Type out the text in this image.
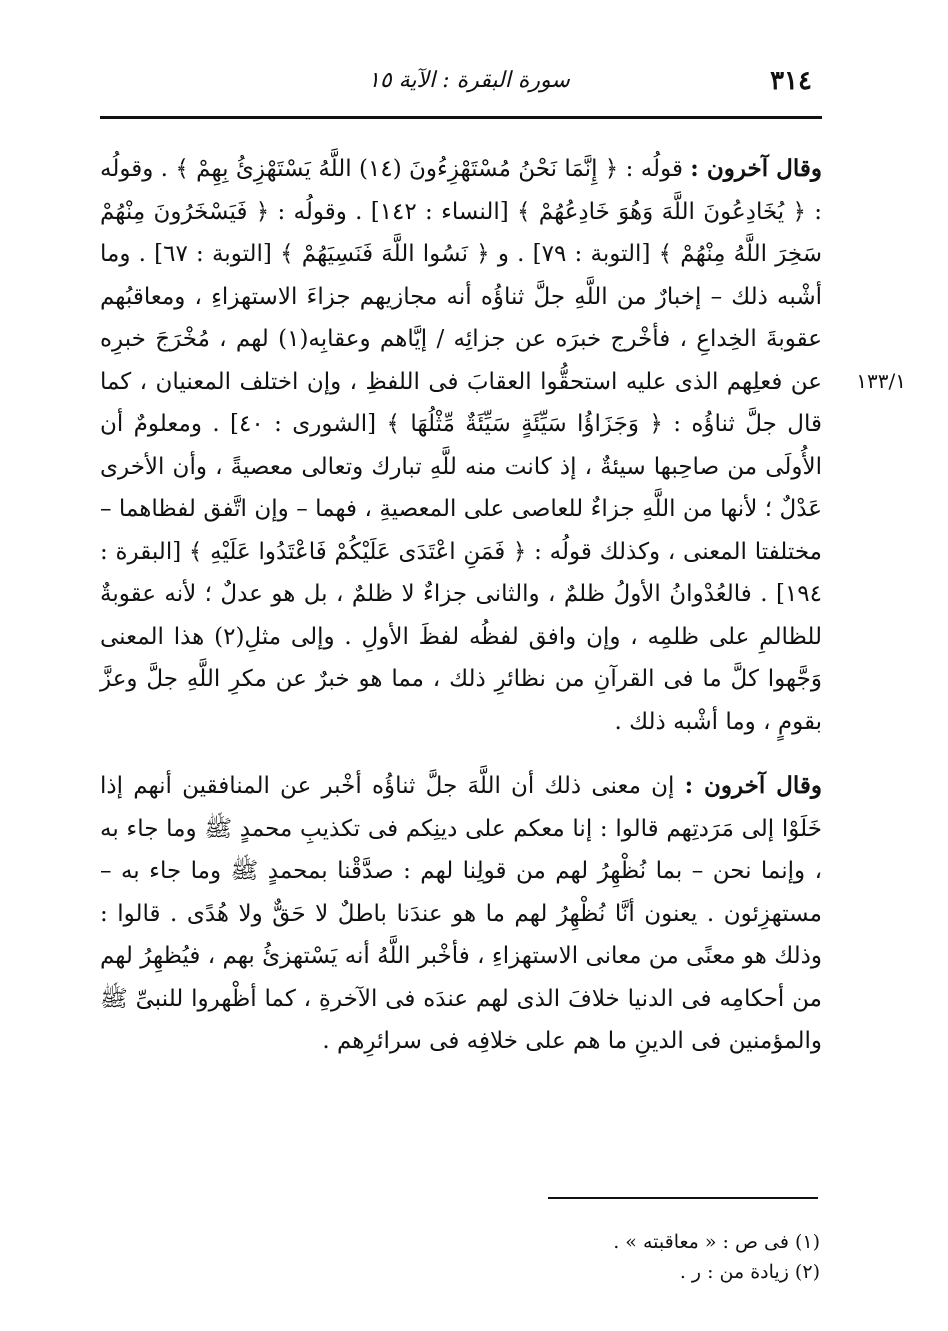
سورة البقرة : الآية ١٥	٣١٤
١٣٣/١

وقال آخرون : قولُه : ﴿ إِنَّمَا نَحْنُ مُسْتَهْزِءُونَ (١٤) اللَّهُ يَسْتَهْزِئُ بِهِمْ ﴾ . وقولُه : ﴿ يُخَادِعُونَ اللَّهَ وَهُوَ خَادِعُهُمْ ﴾ [النساء : ١٤٢] . وقولُه : ﴿ فَيَسْخَرُونَ مِنْهُمْ سَخِرَ اللَّهُ مِنْهُمْ ﴾ [التوبة : ٧٩] . و ﴿ نَسُوا اللَّهَ فَنَسِيَهُمْ ﴾ [التوبة : ٦٧] . وما أشْبه ذلك – إخبارٌ من اللَّهِ جلَّ ثناؤُه أنه مجازيهم جزاءَ الاستهزاءِ ، ومعاقبُهم عقوبةَ الخِداعِ ، فأخْرج خبرَه عن جزائِه / إيَّاهم وعقابِه(١) لهم ، مُخْرَجَ خبرِه عن فعلِهم الذى عليه استحقُّوا العقابَ فى اللفظِ ، وإن اختلف المعنيان ، كما قال جلَّ ثناؤُه : ﴿ وَجَزَاؤُا سَيِّئَةٍ سَيِّئَةٌ مِّثْلُهَا ﴾ [الشورى : ٤٠] . ومعلومٌ أن الأُولَى من صاحِبها سيئةٌ ، إذ كانت منه للَّهِ تبارك وتعالى معصيةً ، وأن الأخرى عَدْلٌ ؛ لأنها من اللَّهِ جزاءٌ للعاصى على المعصيةِ ، فهما – وإن اتَّفق لفظاهما – مختلفتا المعنى ، وكذلك قولُه : ﴿ فَمَنِ اعْتَدَى عَلَيْكُمْ فَاعْتَدُوا عَلَيْهِ ﴾ [البقرة : ١٩٤] . فالعُدْوانُ الأولُ ظلمٌ ، والثانى جزاءٌ لا ظلمٌ ، بل هو عدلٌ ؛ لأنه عقوبةٌ للظالمِ على ظلمِه ، وإن وافق لفظُه لفظَ الأولِ . وإلى مثلِ(٢) هذا المعنى وَجَّهوا كلَّ ما فى القرآنِ من نظائرِ ذلك ، مما هو خبرٌ عن مكرِ اللَّهِ جلَّ وعزَّ بقومٍ ، وما أشْبه ذلك .

وقال آخرون : إن معنى ذلك أن اللَّهَ جلَّ ثناؤُه أخْبر عن المنافقين أنهم إذا خَلَوْا إلى مَرَدتِهم قالوا : إنا معكم على دينِكم فى تكذيبِ محمدٍ ﷺ وما جاء به ، وإنما نحن – بما نُظْهِرُ لهم من قولِنا لهم : صدَّقْنا بمحمدٍ ﷺ وما جاء به – مستهزِئون . يعنون أنَّا نُظْهِرُ لهم ما هو عندَنا باطلٌ لا حَقٌّ ولا هُدًى . قالوا : وذلك هو معنًى من معانى الاستهزاءِ ، فأخْبر اللَّهُ أنه يَسْتهزئُ بهم ، فيُظهِرُ لهم من أحكامِه فى الدنيا خلافَ الذى لهم عندَه فى الآخرةِ ، كما أظْهروا للنبىِّ ﷺ والمؤمنين فى الدينِ ما هم على خلافِه فى سرائرِهم .

(١) فى ص : « معاقبته » .
(٢) زيادة من : ر .
